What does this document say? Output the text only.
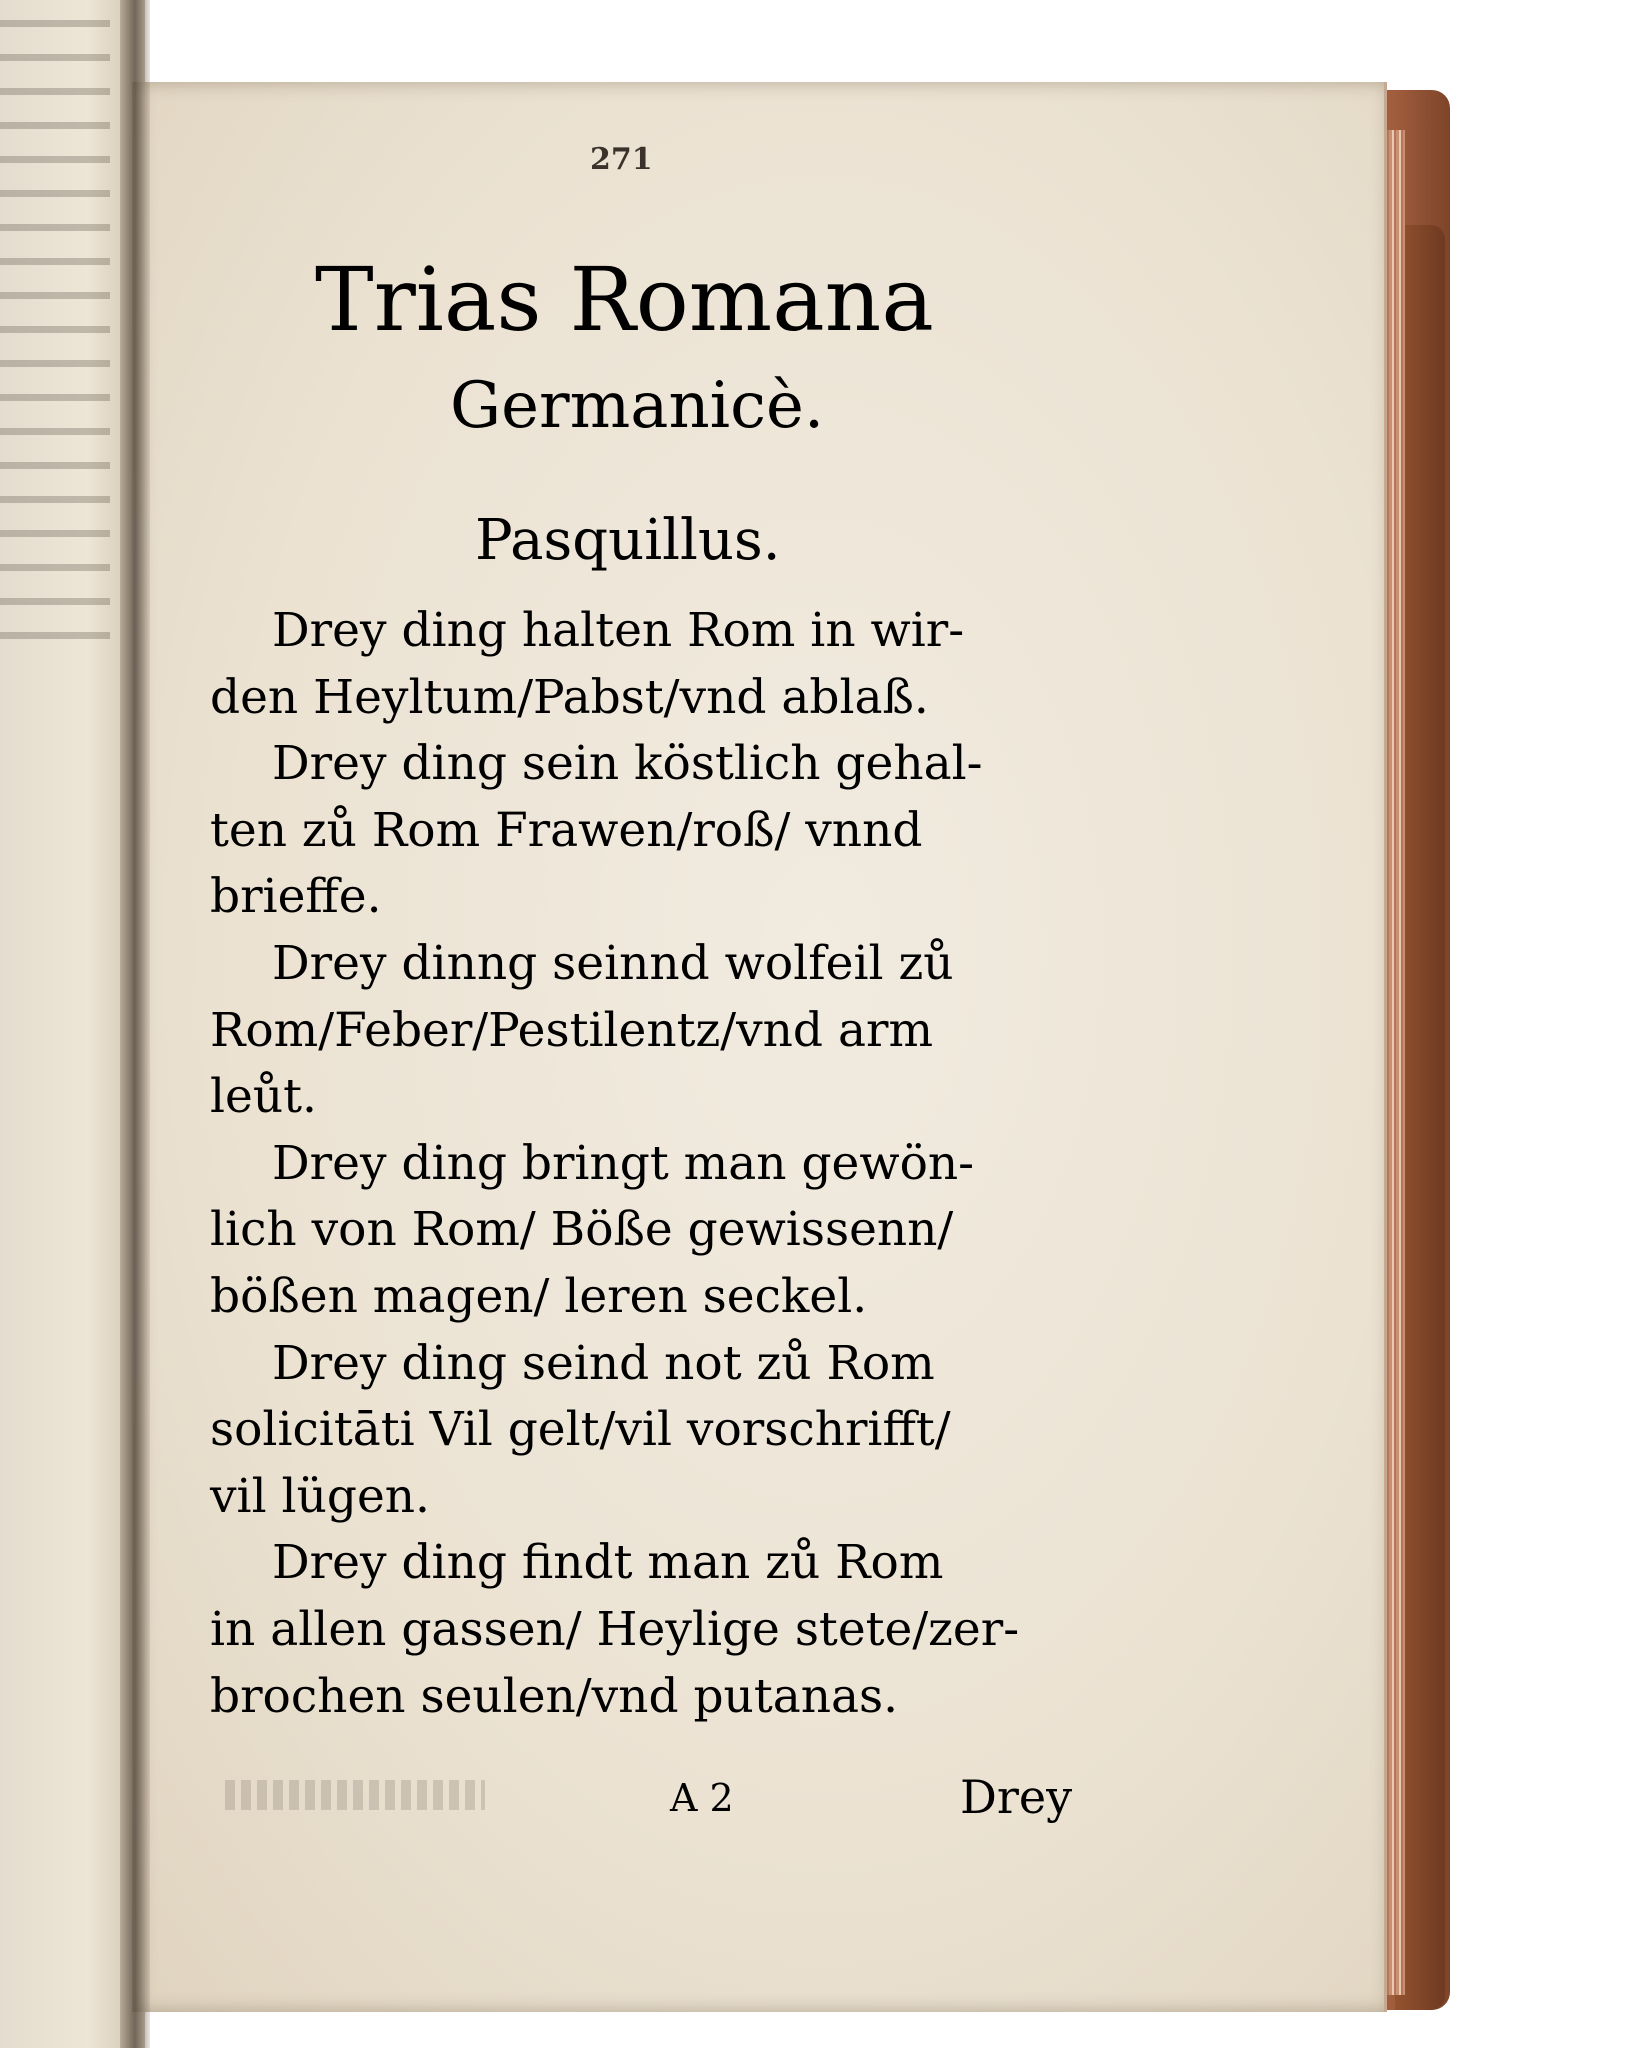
271
Trias Romana
Germanicè.
Pasquillus.
Drey ding halten Rom in wir-
den Heyltum/Pabst/vnd ablaß.
Drey ding sein köstlich gehal-
ten zů Rom Frawen/roß/ vnnd
brieffe.
Drey dinng seinnd wolfeil zů
Rom/Feber/Pestilentz/vnd arm
leůt.
Drey ding bringt man gewön-
lich von Rom/ Böße gewissenn/
bößen magen/ leren seckel.
Drey ding seind not zů Rom
solicitāti Vil gelt/vil vorschrifft/
vil lügen.
Drey ding findt man zů Rom
in allen gassen/ Heylige stete/zer-
brochen seulen/vnd putanas.
A 2	Drey
